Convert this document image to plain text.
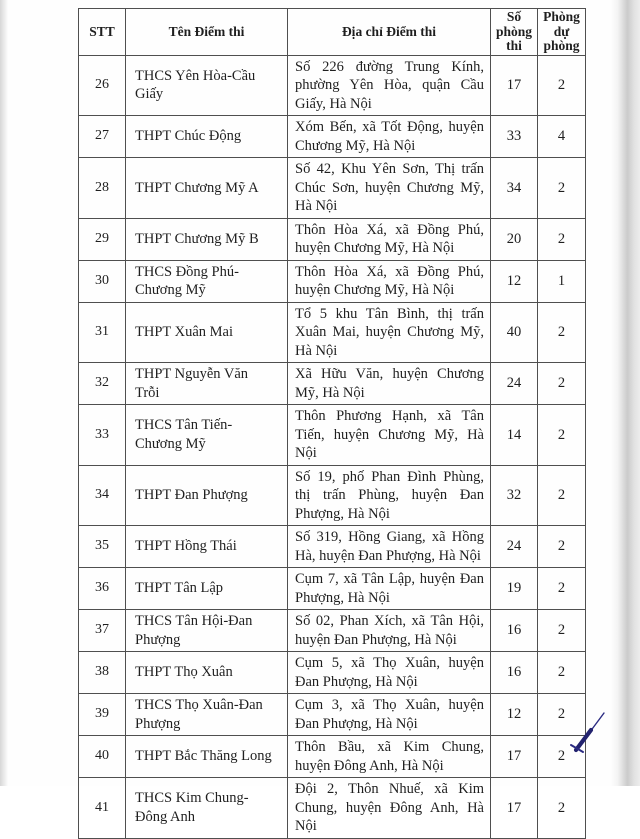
STT	Tên Điểm thi	Địa chỉ Điểm thi	Số phòng thi	Phòng dự phòng
26	THCS Yên Hòa-Cầu Giấy	Số 226 đường Trung Kính, phường Yên Hòa, quận Cầu Giấy, Hà Nội	17	2
27	THPT Chúc Động	Xóm Bến, xã Tốt Động, huyện Chương Mỹ, Hà Nội	33	4
28	THPT Chương Mỹ A	Số 42, Khu Yên Sơn, Thị trấn Chúc Sơn, huyện Chương Mỹ, Hà Nội	34	2
29	THPT Chương Mỹ B	Thôn Hòa Xá, xã Đồng Phú, huyện Chương Mỹ, Hà Nội	20	2
30	THCS Đồng Phú-Chương Mỹ	Thôn Hòa Xá, xã Đồng Phú, huyện Chương Mỹ, Hà Nội	12	1
31	THPT Xuân Mai	Tổ 5 khu Tân Bình, thị trấn Xuân Mai, huyện Chương Mỹ, Hà Nội	40	2
32	THPT Nguyễn Văn Trỗi	Xã Hữu Văn, huyện Chương Mỹ, Hà Nội	24	2
33	THCS Tân Tiến-Chương Mỹ	Thôn Phương Hạnh, xã Tân Tiến, huyện Chương Mỹ, Hà Nội	14	2
34	THPT Đan Phượng	Số 19, phố Phan Đình Phùng, thị trấn Phùng, huyện Đan Phượng, Hà Nội	32	2
35	THPT Hồng Thái	Số 319, Hồng Giang, xã Hồng Hà, huyện Đan Phượng, Hà Nội	24	2
36	THPT Tân Lập	Cụm 7, xã Tân Lập, huyện Đan Phượng, Hà Nội	19	2
37	THCS Tân Hội-Đan Phượng	Số 02, Phan Xích, xã Tân Hội, huyện Đan Phượng, Hà Nội	16	2
38	THPT Thọ Xuân	Cụm 5, xã Thọ Xuân, huyện Đan Phượng, Hà Nội	16	2
39	THCS Thọ Xuân-Đan Phượng	Cụm 3, xã Thọ Xuân, huyện Đan Phượng, Hà Nội	12	2
40	THPT Bắc Thăng Long	Thôn Bầu, xã Kim Chung, huyện Đông Anh, Hà Nội	17	2
41	THCS Kim Chung-Đông Anh	Đội 2, Thôn Nhuế, xã Kim Chung, huyện Đông Anh, Hà Nội	17	2
